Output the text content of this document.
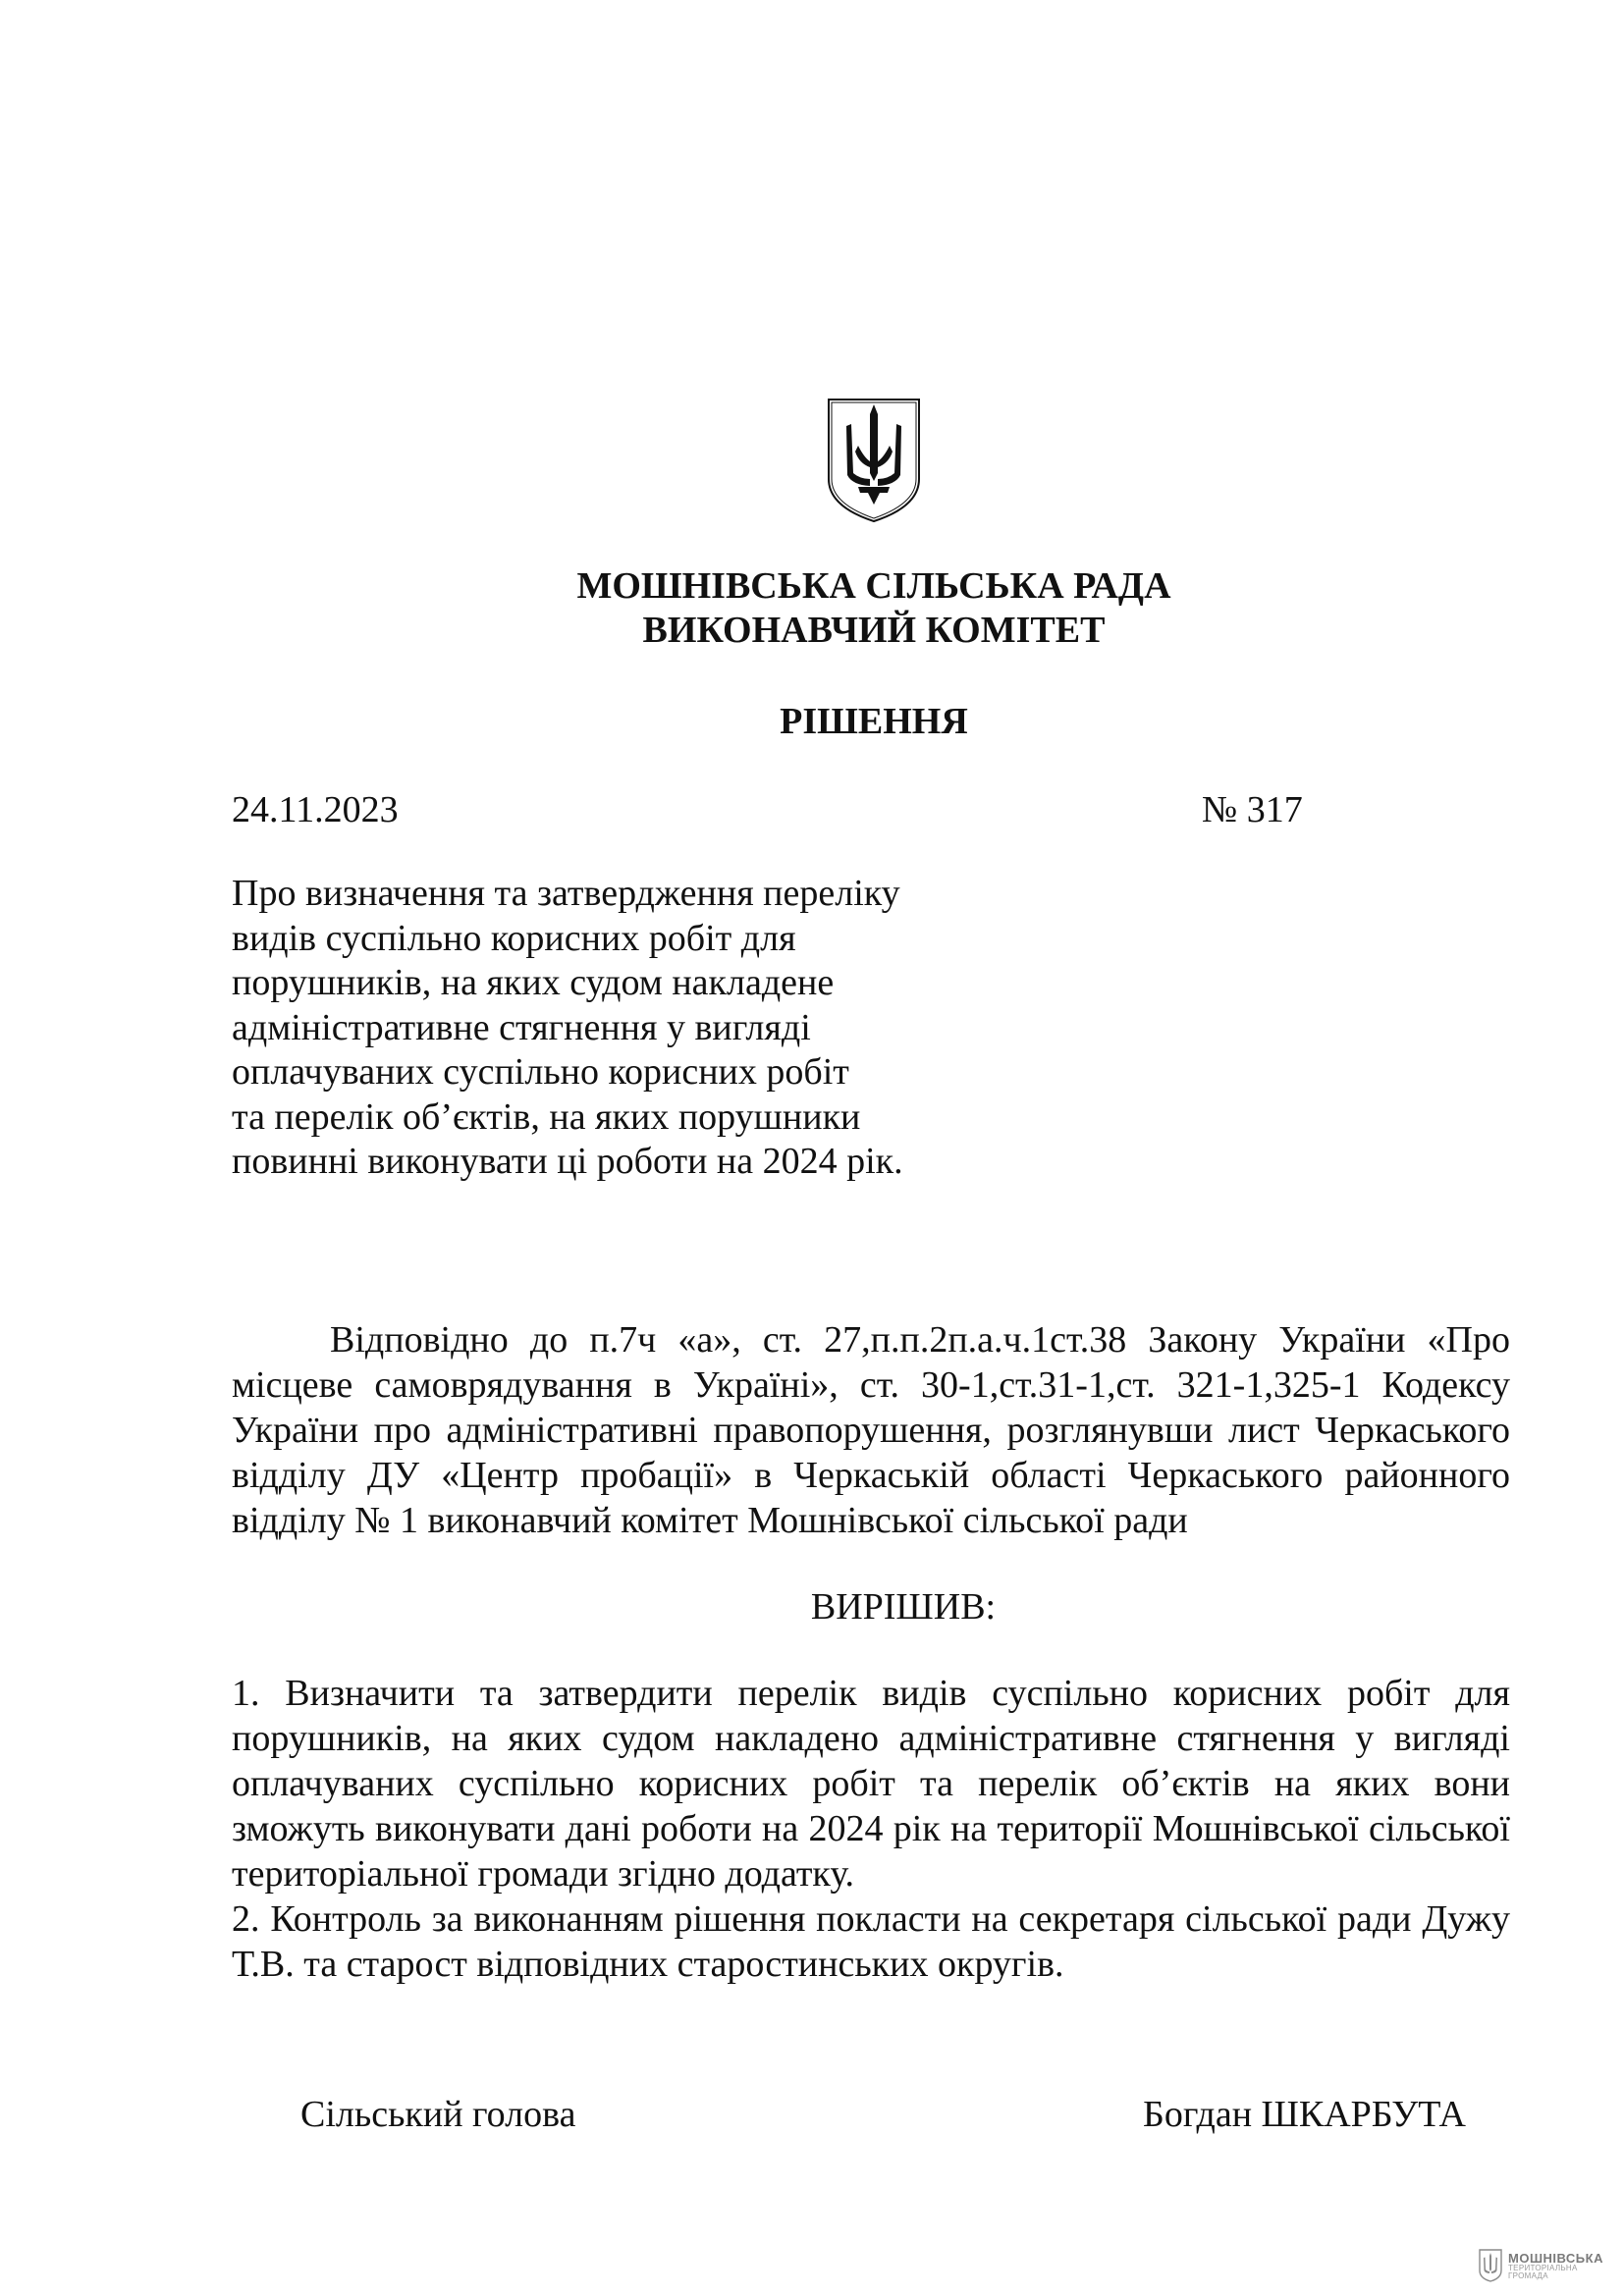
МОШНІВСЬКА СІЛЬСЬКА РАДА
ВИКОНАВЧИЙ КОМІТЕТ
РІШЕННЯ
24.11.2023	№ 317
Про визначення та затвердження переліку
видів суспільно корисних робіт для
порушників, на яких судом накладене
адміністративне стягнення у вигляді
оплачуваних суспільно корисних робіт
та перелік об’єктів, на яких порушники
повинні виконувати ці роботи на 2024 рік.

Відповідно до п.7ч «а», ст. 27,п.п.2п.а.ч.1ст.38 Закону України «Про місцеве самоврядування в Україні», ст. 30-1,ст.31-1,ст. 321-1,325-1 Кодексу України про адміністративні правопорушення, розглянувши лист Черкаського відділу ДУ «Центр пробації» в Черкаській області Черкаського районного відділу № 1 виконавчий комітет Мошнівської сільської ради

ВИРІШИВ:

1. Визначити та затвердити перелік видів суспільно корисних робіт для порушників, на яких судом накладено адміністративне стягнення у вигляді оплачуваних суспільно корисних робіт та перелік об’єктів на яких вони зможуть виконувати дані роботи на 2024 рік на території Мошнівської сільської територіальної громади згідно додатку.

2. Контроль за виконанням рішення покласти на секретаря сільської ради Дужу Т.В. та старост відповідних старостинських округів.

Сільський голова	Богдан ШКАРБУТА
МОШНІВСЬКА
ТЕРИТОРІАЛЬНА
ГРОМАДА
